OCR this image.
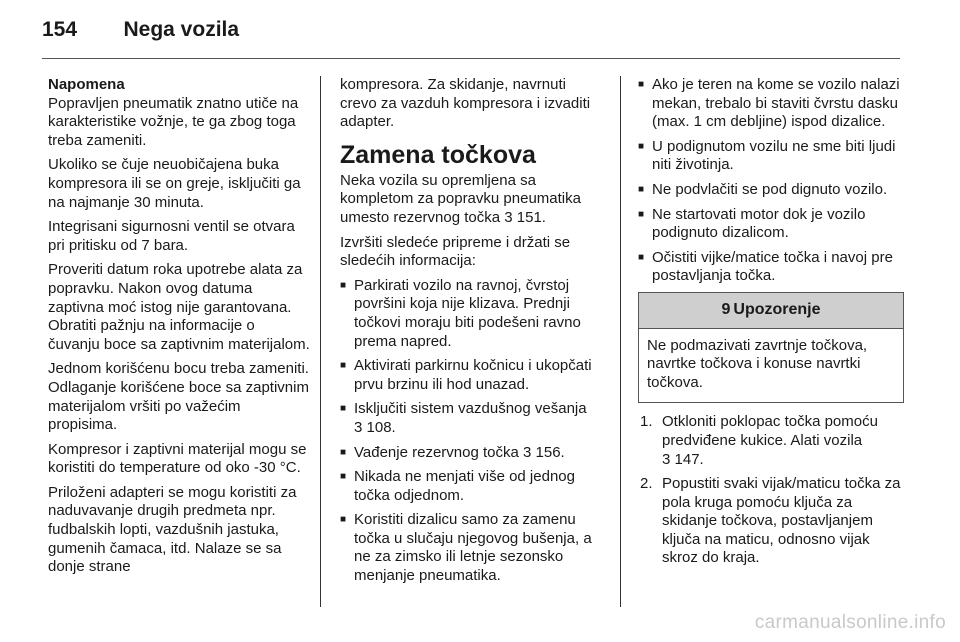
154 Nega vozila
Napomena

Popravljen pneumatik znatno utiče na karakteristike vožnje, te ga zbog toga treba zameniti.

Ukoliko se čuje neuobičajena buka kompresora ili se on greje, isključiti ga na najmanje 30 minuta.

Integrisani sigurnosni ventil se otvara pri pritisku od 7 bara.

Proveriti datum roka upotrebe alata za popravku. Nakon ovog datuma zaptivna moć istog nije garantovana. Obratiti pažnju na informacije o čuvanju boce sa zaptivnim materijalom.

Jednom korišćenu bocu treba zameniti. Odlaganje korišćene boce sa zaptivnim materijalom vršiti po važećim propisima.

Kompresor i zaptivni materijal mogu se koristiti do temperature od oko -30 °C.

Priloženi adapteri se mogu koristiti za naduvavanje drugih predmeta npr. fudbalskih lopti, vazdušnih jastuka, gumenih čamaca, itd. Nalaze se sa donje strane

kompresora. Za skidanje, navrnuti crevo za vazduh kompresora i izvaditi adapter.

Zamena točkova

Neka vozila su opremljena sa kompletom za popravku pneumatika umesto rezervnog točka 3 151.

Izvršiti sledeće pripreme i držati se sledećih informacija:

■ Parkirati vozilo na ravnoj, čvrstoj površini koja nije klizava. Prednji točkovi moraju biti podešeni ravno prema napred.
■ Aktivirati parkirnu kočnicu i ukopčati prvu brzinu ili hod unazad.
■ Isključiti sistem vazdušnog vešanja 3 108.
■ Vađenje rezervnog točka 3 156.
■ Nikada ne menjati više od jednog točka odjednom.
■ Koristiti dizalicu samo za zamenu točka u slučaju njegovog bušenja, a ne za zimsko ili letnje sezonsko menjanje pneumatika.
■ Ako je teren na kome se vozilo nalazi mekan, trebalo bi staviti čvrstu dasku (max. 1 cm debljine) ispod dizalice.
■ U podignutom vozilu ne sme biti ljudi niti životinja.
■ Ne podvlačiti se pod dignuto vozilo.
■ Ne startovati motor dok je vozilo podignuto dizalicom.
■ Očistiti vijke/matice točka i navoj pre postavljanja točka.
9 Upozorenje
Ne podmazivati zavrtnje točkova, navrtke točkova i konuse navrtki točkova.
1. Otkloniti poklopac točka pomoću predviđene kukice. Alati vozila 3 147.
2. Popustiti svaki vijak/maticu točka za pola kruga pomoću ključa za skidanje točkova, postavljanjem ključa na maticu, odnosno vijak skroz do kraja.
carmanualsonline.info
